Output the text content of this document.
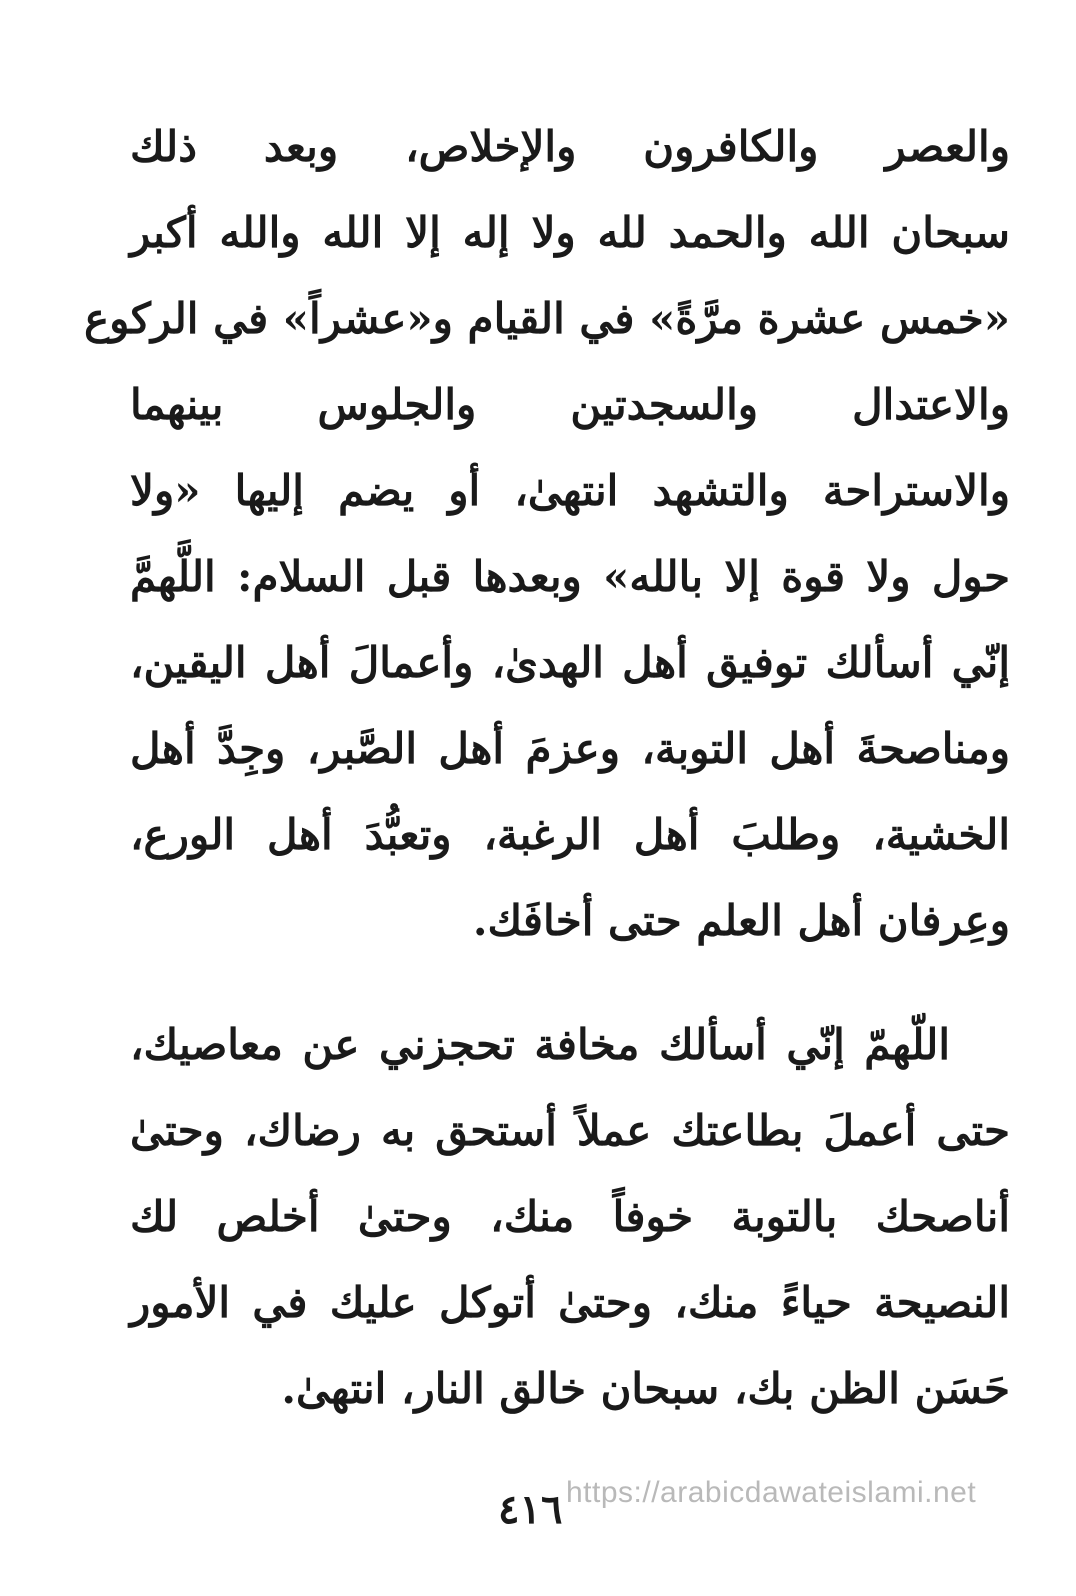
والعصر والكافرون والإخلاص، وبعد ذلك
سبحان الله والحمد لله ولا إله إلا الله والله أكبر
«خمس عشرة مرَّةً» في القيام و«عشراً» في الركوع
والاعتدال والسجدتين والجلوس بينهما
والاستراحة والتشهد انتهىٰ، أو يضم إليها «ولا
حول ولا قوة إلا بالله» وبعدها قبل السلام: اللَّهمَّ
إنّي أسألك توفيق أهل الهدىٰ، وأعمالَ أهل اليقين،
ومناصحةَ أهل التوبة، وعزمَ أهل الصَّبر، وجِدَّ أهل
الخشية، وطلبَ أهل الرغبة، وتعبُّدَ أهل الورع،
وعِرفان أهل العلم حتى أخافَك.
اللّهمّ إنّي أسألك مخافة تحجزني عن معاصيك،
حتى أعملَ بطاعتك عملاً أستحق به رضاك، وحتىٰ
أناصحك بالتوبة خوفاً منك، وحتىٰ أخلص لك
النصيحة حياءً منك، وحتىٰ أتوكل عليك في الأمور
حَسَن الظن بك، سبحان خالق النار، انتهىٰ.
٤١٦ https://arabicdawateislami.net
